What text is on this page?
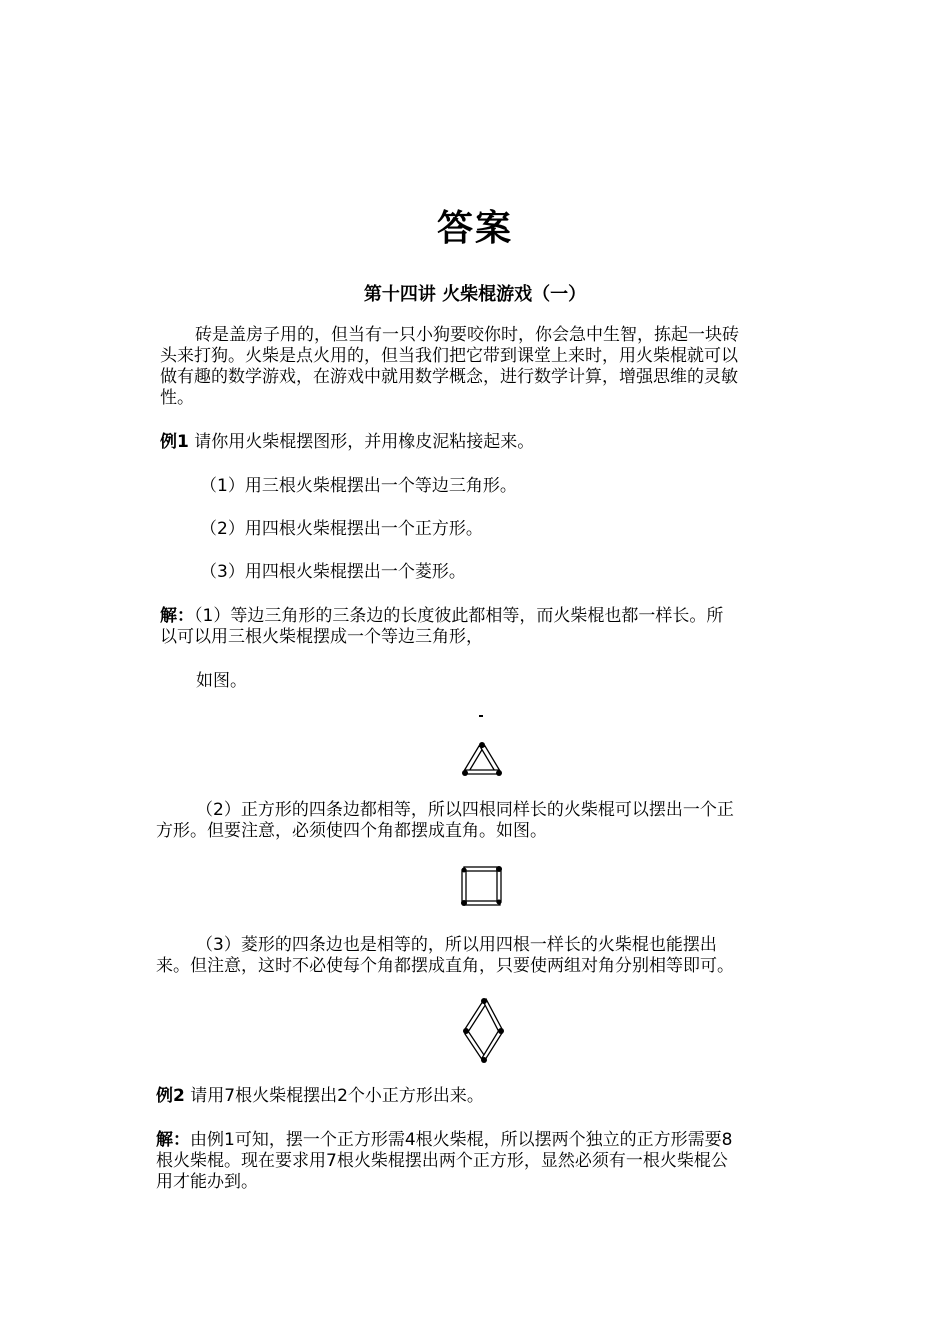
答案
第十四讲 火柴棍游戏（一）
砖是盖房子用的，但当有一只小狗要咬你时，你会急中生智，拣起一块砖
头来打狗。火柴是点火用的，但当我们把它带到课堂上来时，用火柴棍就可以
做有趣的数学游戏，在游戏中就用数学概念，进行数学计算，增强思维的灵敏
性。
例1 请你用火柴棍摆图形，并用橡皮泥粘接起来。
（1）用三根火柴棍摆出一个等边三角形。
（2）用四根火柴棍摆出一个正方形。
（3）用四根火柴棍摆出一个菱形。
解：（1）等边三角形的三条边的长度彼此都相等，而火柴棍也都一样长。所
以可以用三根火柴棍摆成一个等边三角形，
如图。
（2）正方形的四条边都相等，所以四根同样长的火柴棍可以摆出一个正
方形。但要注意，必须使四个角都摆成直角。如图。
（3）菱形的四条边也是相等的，所以用四根一样长的火柴棍也能摆出
来。但注意，这时不必使每个角都摆成直角，只要使两组对角分别相等即可。
例2 请用7根火柴棍摆出2个小正方形出来。
解：由例1可知，摆一个正方形需4根火柴棍，所以摆两个独立的正方形需要8
根火柴棍。现在要求用7根火柴棍摆出两个正方形，显然必须有一根火柴棍公
用才能办到。
